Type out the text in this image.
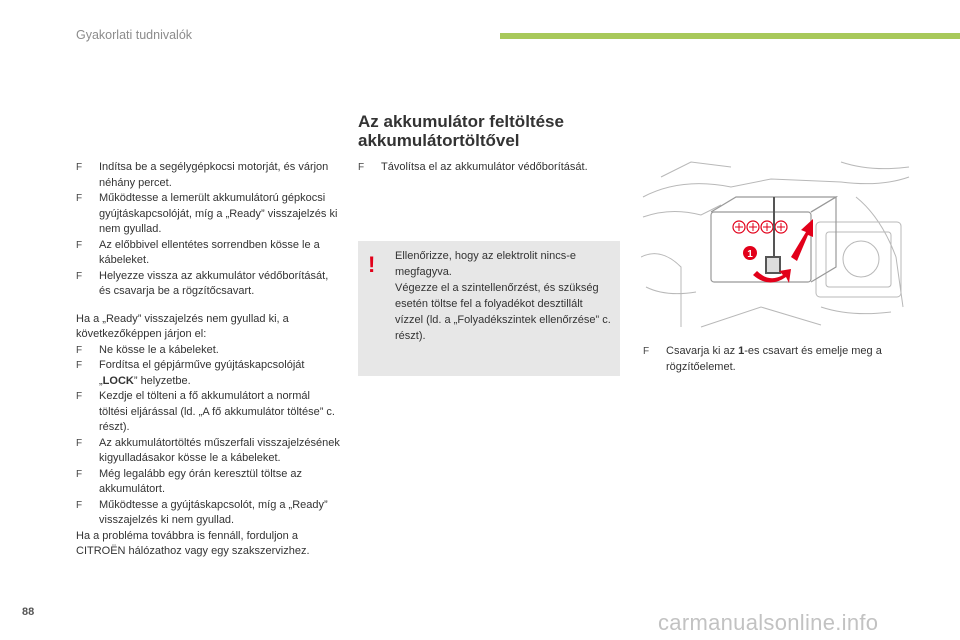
Gyakorlati tudnivalók
F	Indítsa be a segélygépkocsi motorját, és várjon néhány percet.
F	Működtesse a lemerült akkumulátorú gépkocsi gyújtáskapcsolóját, míg a „Ready” visszajelzés ki nem gyullad.
F	Az előbbivel ellentétes sorrendben kösse le a kábeleket.
F	Helyezze vissza az akkumulátor védőborítását, és csavarja be a rögzítőcsavart.

Ha a „Ready” visszajelzés nem gyullad ki, a következőképpen járjon el:

F	Ne kösse le a kábeleket.
F	Fordítsa el gépjárműve gyújtáskapcsolóját „LOCK” helyzetbe.
F	Kezdje el tölteni a fő akkumulátort a normál töltési eljárással (ld. „A fő akkumulátor töltése” c. részt).
F	Az akkumulátortöltés műszerfali visszajelzésének kigyulladásakor kösse le a kábeleket.
F	Még legalább egy órán keresztül töltse az akkumulátort.
F	Működtesse a gyújtáskapcsolót, míg a „Ready” visszajelzés ki nem gyullad.

Ha a probléma továbbra is fennáll, forduljon a CITROËN hálózathoz vagy egy szakszervizhez.

Az akkumulátor feltöltése
akkumulátortöltővel
F	Távolítsa el az akkumulátor védőborítását.
! Ellenőrizze, hogy az elektrolit nincs-e megfagyva.

Végezze el a szintellenőrzést, és szükség esetén töltse fel a folyadékot desztillált vízzel (ld. a „Folyadékszintek ellenőrzése” c. részt).

1
F	Csavarja ki az 1-es csavart és emelje meg a rögzítőelemet.
88	carmanualsonline.info
